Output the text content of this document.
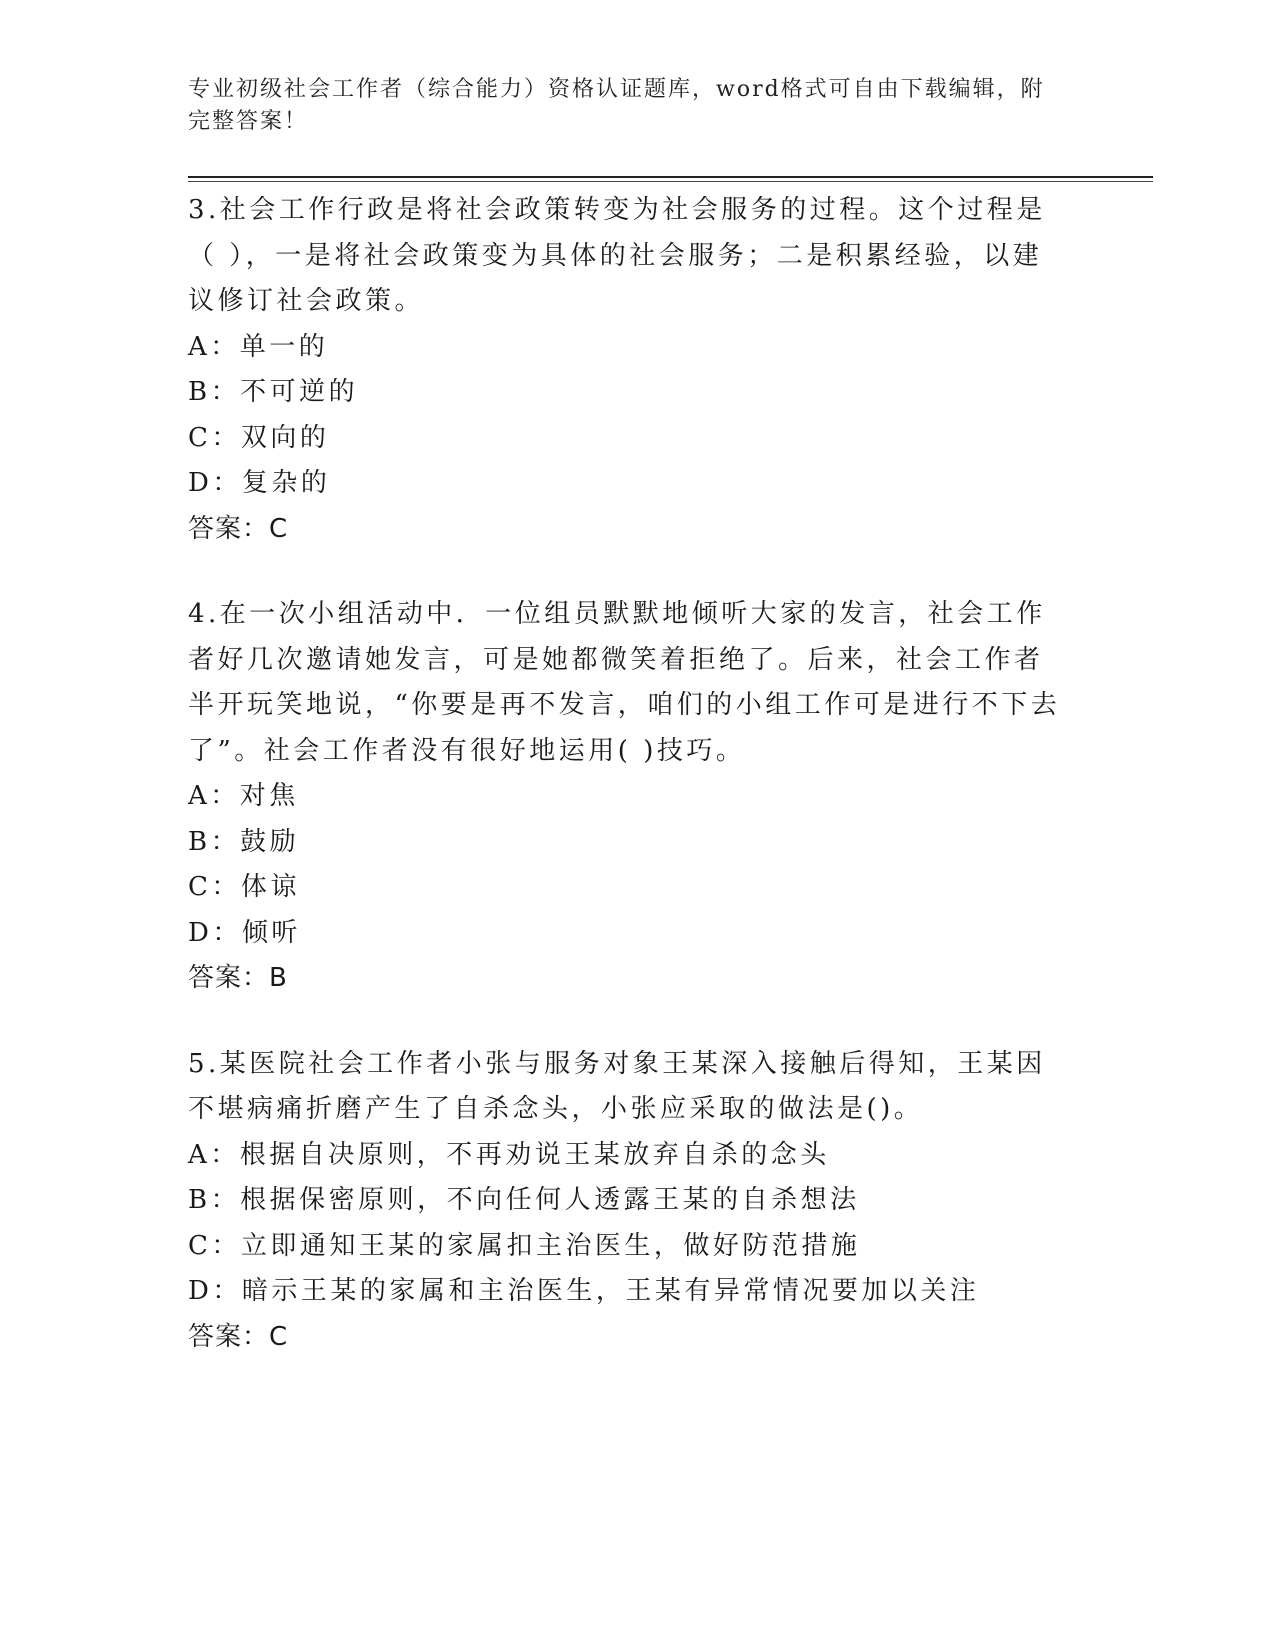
专业初级社会工作者（综合能力）资格认证题库，word格式可自由下载编辑，附完整答案！

3.社会工作行政是将社会政策转变为社会服务的过程。这个过程是（ ），一是将社会政策变为具体的社会服务；二是积累经验，以建议修订社会政策。

A：单一的

B：不可逆的

C：双向的

D：复杂的

答案：C

4.在一次小组活动中．一位组员默默地倾听大家的发言，社会工作者好几次邀请她发言，可是她都微笑着拒绝了。后来，社会工作者半开玩笑地说，“你要是再不发言，咱们的小组工作可是进行不下去了”。社会工作者没有很好地运用( )技巧。

A：对焦

B：鼓励

C：体谅

D：倾听

答案：B

5.某医院社会工作者小张与服务对象王某深入接触后得知，王某因不堪病痛折磨产生了自杀念头，小张应采取的做法是()。

A：根据自决原则，不再劝说王某放弃自杀的念头

B：根据保密原则，不向任何人透露王某的自杀想法

C：立即通知王某的家属扣主治医生，做好防范措施

D：暗示王某的家属和主治医生，王某有异常情况要加以关注

答案：C
